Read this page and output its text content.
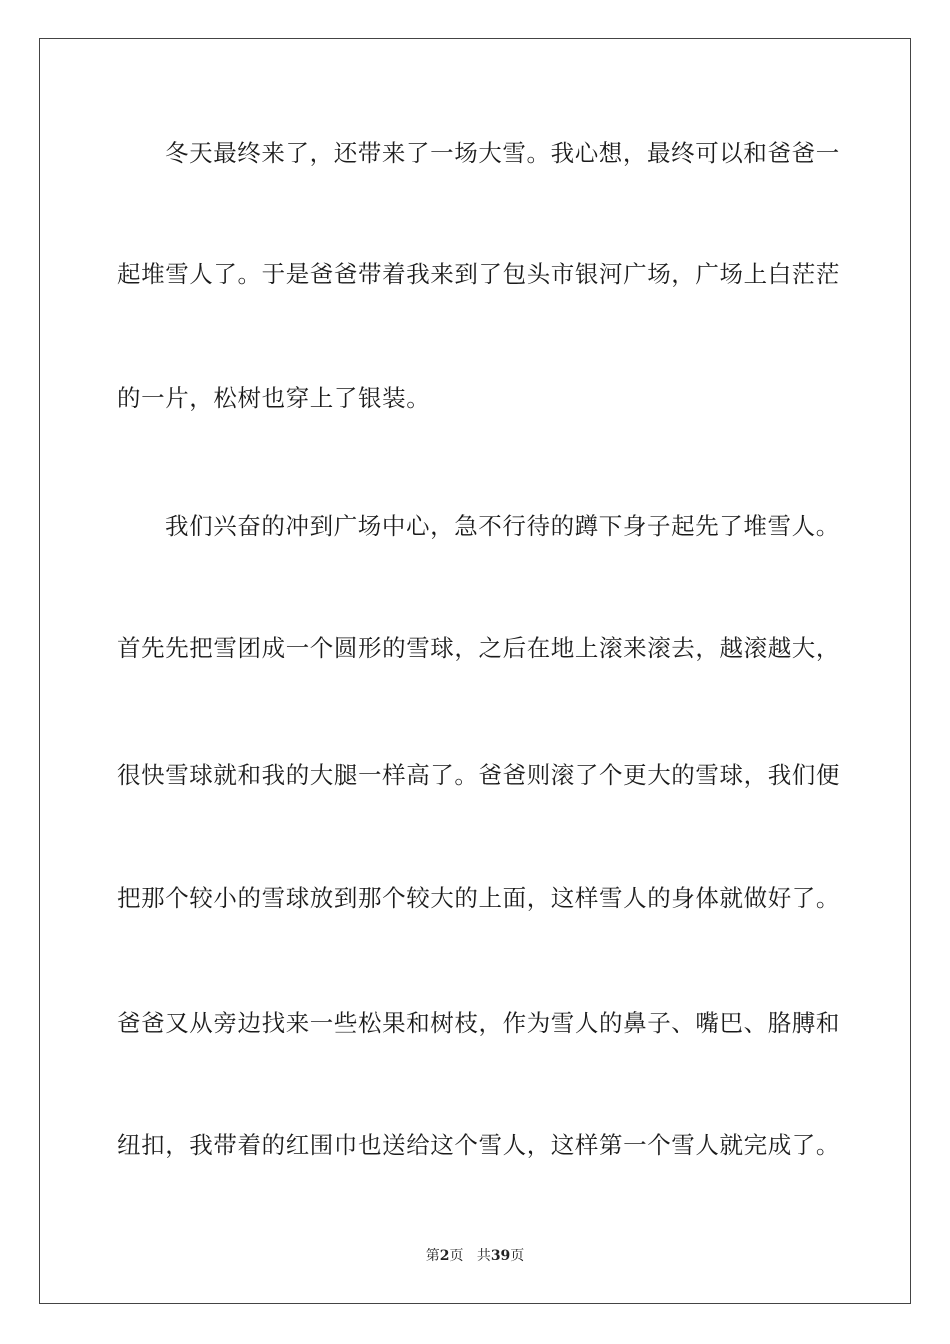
冬天最终来了，还带来了一场大雪。我心想，最终可以和爸爸一
起堆雪人了。于是爸爸带着我来到了包头市银河广场，广场上白茫茫
的一片，松树也穿上了银装。
我们兴奋的冲到广场中心，急不行待的蹲下身子起先了堆雪人。
首先先把雪团成一个圆形的雪球，之后在地上滚来滚去，越滚越大，
很快雪球就和我的大腿一样高了。爸爸则滚了个更大的雪球，我们便
把那个较小的雪球放到那个较大的上面，这样雪人的身体就做好了。
爸爸又从旁边找来一些松果和树枝，作为雪人的鼻子、嘴巴、胳膊和
纽扣，我带着的红围巾也送给这个雪人，这样第一个雪人就完成了。
第2页 共39页
